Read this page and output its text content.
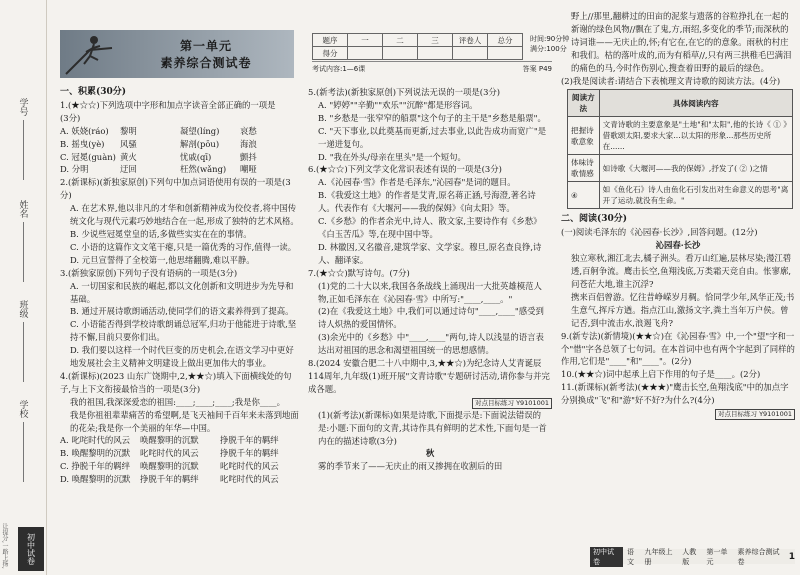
学号
姓名
班级
学校
让提分,一路上扬,	初中试卷
第一单元
素养综合测试卷
题序	一	二	三	评卷人	总分
得分					
时间:90分钟
满分:100分
考试内容:1—6课	答案 P49
一、积累(30分)

1.(★☆☆)下列选项中字形和加点字读音全部正确的一项是

(3分)

A. 妖娆(ráo)	黎明	凝望(líng)	哀愁
B. 摇曳(yè)	风骚	解剖(pōu)	海浪
C. 冠冕(guàn) 黄火	忧戚(qī)	颤抖
D. 分明	迂回	枉然(wǎng)	嘲哑

2.(新课标)(新独家原创)下列句中加点词语使用有误的一项是(3分)

A. 在艺术界,他以非凡的才华和创新精神成为佼佼者,将中国传统文化与现代元素巧妙地结合在一起,形成了独特的艺术风格。

B. 少说些冠冕堂皇的话,多做些实实在在的事情。

C. 小语的这篇作文文笔干瘪,只是一篇优秀的习作,值得一读。

D. 元旦宣誓得了全校第一,他思绪翻腾,难以平静。

3.(新独家原创)下列句子没有语病的一项是(3分)

A. 一切国家和民族的崛起,都以文化创新和文明进步为先导和基础。

B. 通过开展诗歌朗诵活动,使同学们的语文素养得到了提高。

C. 小语能否得到学校诗歌朗诵总冠军,归功于他能进于诗歌,坚持不懈,目前只要你们出。

D. 我们要以这样一个时代巨变的历史机会,在语文学习中更好地发展社会主义精神文明建设上做出更加伟大的事业。

4.(新课标)(2023 山东广饶期中,2,★★☆)填入下面横线处的句子,与上下文衔接最恰当的一项是(3分)

我的祖国,我深深爱恋的祖国:____;____;____;我是你____。

我是你祖祖辈辈痛苦的希望啊,是飞天袖间千百年来未落到地面的花朵;我是你一个美丽的年华—中国。

A. 叱咤时代的风云	唤醒黎明的沉默	挣脱千年的羁绊
B. 唤醒黎明的沉默	叱咤时代的风云	挣脱千年的羁绊
C. 挣脱千年的羁绊	唤醒黎明的沉默	叱咤时代的风云
D. 唤醒黎明的沉默	挣脱千年的羁绊	叱咤时代的风云

5.(新考法)(新独家原创)下列说法无误的一项是(3分)

A. "婷婷""辛勤""欢乐""沉醉"都是形容词。

B. "乡愁是一张窄窄的船票"这个句子的主干是"乡愁是船票"。

C. "天下事业,以此奠基而更新,过去事业,以此告成功而宽广"是一递进复句。

D. "我在外头/母亲在里头"是一个短句。

6.(★☆☆)下列文学文化常识表述有误的一项是(3分)

A.《沁园春·雪》作者是毛泽东,"沁园春"是词的题目。

B.《我爱这土地》的作者是艾青,原名蒋正涵,号海澄,著名诗人。代表作有《大堰河——我的保姆》《向太阳》等。

C.《乡愁》的作者余光中,诗人、散文家,主要诗作有《乡愁》《白玉苦瓜》等,在现中国中等。

D. 林徽因,又名徽音,建筑学家、文学家。穆旦,原名查良铮,诗人、翻译家。

7.(★☆☆)默写诗句。(7分)

(1)党的二十大以来,我国各条战线上涌现出一大批英雄模范人物,正如毛泽东在《沁园春·雪》中所写:"____,____。"

(2)在《我爱这土地》中,我们可以通过诗句"____,____"感受到诗人炽热的爱国情怀。

(3)余光中的《乡愁》中"____,____"两句,诗人以浅显的语言表达出对祖国的思念和渴望祖国统一的思想感情。

8.(2024 安徽合肥二十八中期中,3,★★☆)为纪念诗人艾青诞辰114周年,九年级(1)班开展"文青诗歌"专题研讨活动,请你参与并完成各题。

对点目标练习 Y9101001

(1)(新考法)(新课标)如果是诗歌,下面提示是:下面说法错误的是:小题:下面句的文青,其诗作具有鲜明的艺术性,下面句是一首内在的描述诗歌(3分)

秋

雾的季节来了——无庆止的雨又掺拥在收割后的田

野上//那里,翻耕过的田亩的泥浆与遗落的谷粒挣扎在一起的新谢的绿色风物//飘在了鬼,方,雨绍,多变化的季节;而深秋的诗词谁——无庆止的,怀;有它在,在它的的意象。雨秋的村庄和我们。枯的落叶成的,而为有稻草//,只有两三拱稚毛巴满泪的痛色的马,今时作伤别心,搜查着田野的最后的绿色。

(2)我是阅读者:请结合下表梳理文青诗歌的阅读方法。(4分)

阅读方法	具体阅读内容
把握诗歌意象	文青诗歌的主要意象是"土地"和"太阳",他的长诗《 ① 》借歌颂太阳,要求大家...以太阳的形象...那些历史所在......
体味诗歌情感	如诗歌《大堰河——我的保姆》,抒发了( ② )之情
④	如《鱼化石》诗人由鱼化石引发出对生命意义的思考"离开了运动,就没有生命。"
二、阅读(30分)

(一)阅读毛泽东的《沁园春·长沙》,回答问题。(12分)

沁园春·长沙

独立寒秋,湘江北去,橘子洲头。看万山红遍,层林尽染;漫江碧透,百舸争流。鹰击长空,鱼翔浅底,万类霜天竞自由。怅寥廓,问苍茫大地,谁主沉浮?

携来百侣曾游。忆往昔峥嵘岁月稠。恰同学少年,风华正茂;书生意气,挥斥方遒。指点江山,激扬文字,粪土当年万户侯。曾记否,到中流击水,浪遏飞舟?

9.(新专法)(新情境)(★★☆)在《沁园春·雪》中,一个"望"字和一个"惜"字各总领了七句词。在本首词中也有两个字起到了同样的作用,它们是"____"和"____"。(2分)

10.(★★☆)词中起承上启下作用的句子是____。(2分)

11.(新课标)(新考法)(★★★)"鹰击长空,鱼翔浅底"中的加点字分别换成"飞"和"游"好不好?为什么?(4分)

对点目标练习 Y9101001

初中试卷
语文
九年级上册
人教版
第一单元
素养综合测试卷	1
